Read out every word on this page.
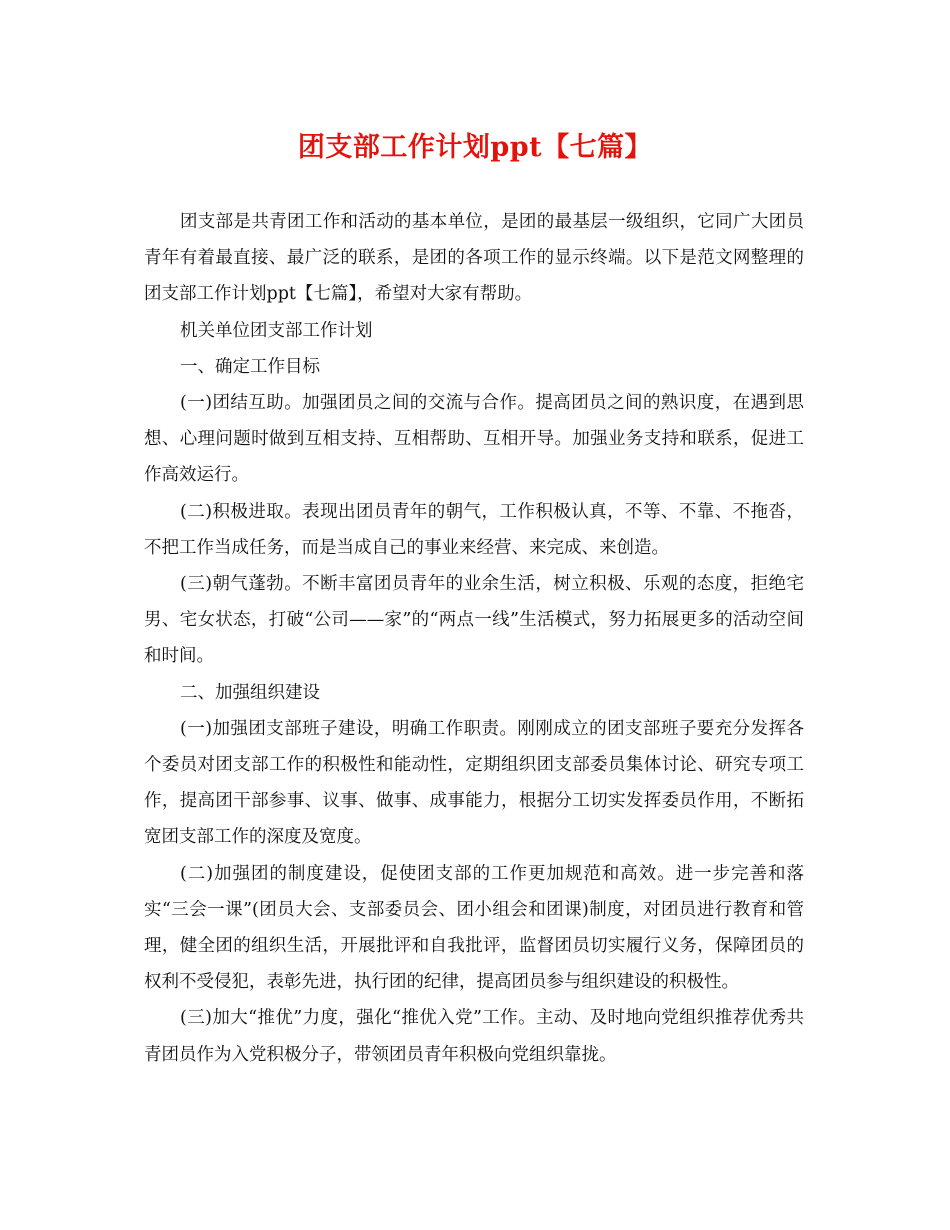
团支部工作计划ppt【七篇】

团支部是共青团工作和活动的基本单位，是团的最基层一级组织，它同广大团员青年有着最直接、最广泛的联系，是团的各项工作的显示终端。以下是范文网整理的团支部工作计划ppt【七篇】，希望对大家有帮助。

机关单位团支部工作计划

一、确定工作目标

(一)团结互助。加强团员之间的交流与合作。提高团员之间的熟识度，在遇到思想、心理问题时做到互相支持、互相帮助、互相开导。加强业务支持和联系，促进工作高效运行。

(二)积极进取。表现出团员青年的朝气，工作积极认真，不等、不靠、不拖沓，不把工作当成任务，而是当成自己的事业来经营、来完成、来创造。

(三)朝气蓬勃。不断丰富团员青年的业余生活，树立积极、乐观的态度，拒绝宅男、宅女状态，打破“公司——家”的“两点一线”生活模式，努力拓展更多的活动空间和时间。

二、加强组织建设

(一)加强团支部班子建设，明确工作职责。刚刚成立的团支部班子要充分发挥各个委员对团支部工作的积极性和能动性，定期组织团支部委员集体讨论、研究专项工作，提高团干部参事、议事、做事、成事能力，根据分工切实发挥委员作用，不断拓宽团支部工作的深度及宽度。

(二)加强团的制度建设，促使团支部的工作更加规范和高效。进一步完善和落实“三会一课”(团员大会、支部委员会、团小组会和团课)制度，对团员进行教育和管理，健全团的组织生活，开展批评和自我批评，监督团员切实履行义务，保障团员的权利不受侵犯，表彰先进，执行团的纪律，提高团员参与组织建设的积极性。

(三)加大“推优”力度，强化“推优入党”工作。主动、及时地向党组织推荐优秀共青团员作为入党积极分子，带领团员青年积极向党组织靠拢。
